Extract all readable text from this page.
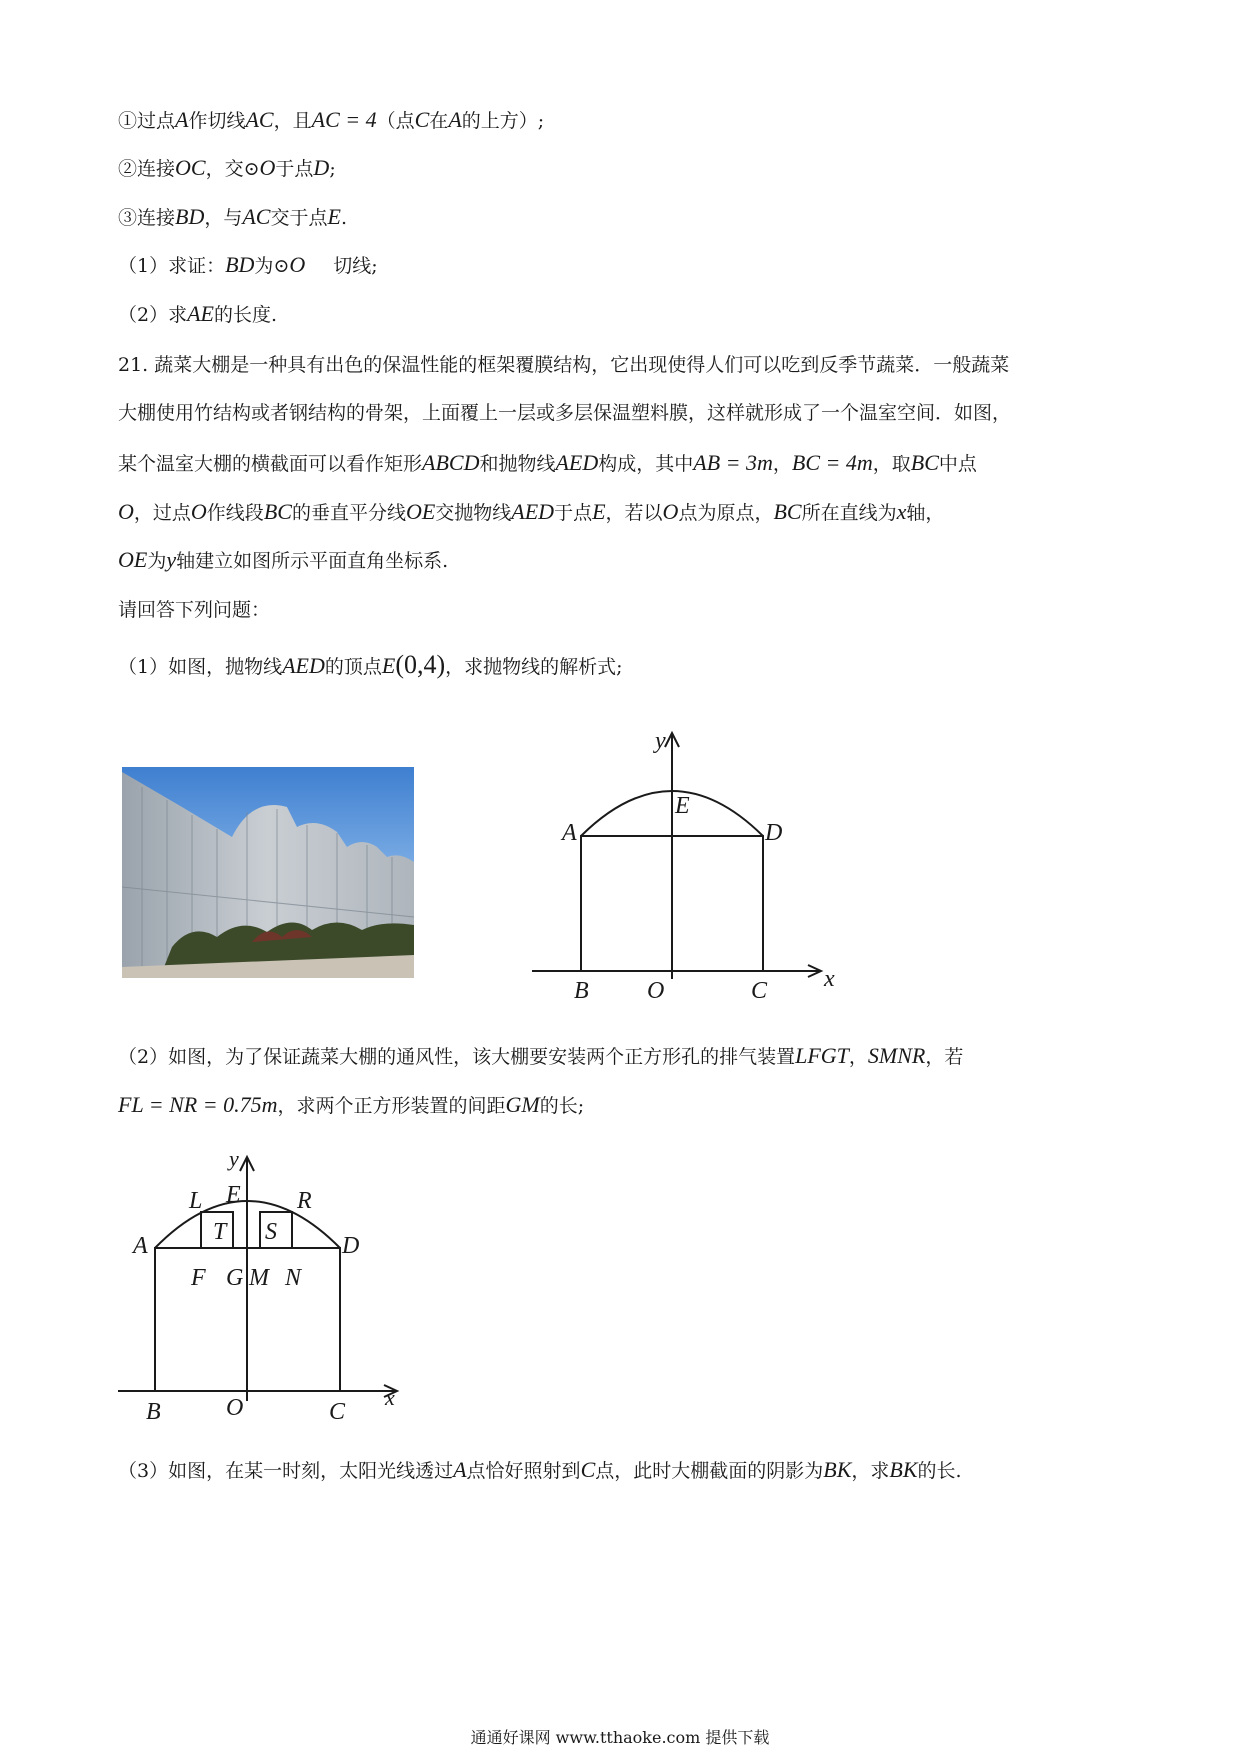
①过点A作切线AC，且AC = 4（点C在A的上方）;
②连接OC，交⊙O于点D;
③连接BD，与AC交于点E.
（1）求证：BD为⊙O 切线;
（2）求AE的长度.
21. 蔬菜大棚是一种具有出色的保温性能的框架覆膜结构，它出现使得人们可以吃到反季节蔬菜．一般蔬菜
大棚使用竹结构或者钢结构的骨架，上面覆上一层或多层保温塑料膜，这样就形成了一个温室空间．如图，
某个温室大棚的横截面可以看作矩形ABCD和抛物线AED构成，其中AB = 3m，BC = 4m，取BC中点
O，过点O作线段BC的垂直平分线OE交抛物线AED于点E，若以O点为原点，BC所在直线为x轴，
OE为y轴建立如图所示平面直角坐标系.
请回答下列问题：
（1）如图，抛物线AED的顶点E(0,4)，求抛物线的解析式;
y
E
A	D
B O	C x
（2）如图，为了保证蔬菜大棚的通风性，该大棚要安装两个正方形孔的排气装置LFGT，SMNR，若
FL = NR = 0.75m，求两个正方形装置的间距GM的长;
y
E
L	R
T S
A	D
F G M N
B	O	C
x
（3）如图，在某一时刻，太阳光线透过A点恰好照射到C点，此时大棚截面的阴影为BK，求BK的长.
通通好课网 www.tthaoke.com 提供下载
